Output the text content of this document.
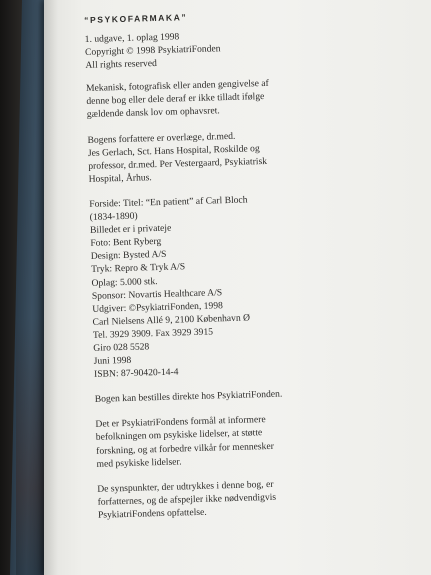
“PSYKOFARMAKA”
1. udgave, 1. oplag 1998
Copyright © 1998 PsykiatriFonden
All rights reserved
Mekanisk, fotografisk eller anden gengivelse af
denne bog eller dele deraf er ikke tilladt ifølge
gældende dansk lov om ophavsret.
Bogens forfattere er overlæge, dr.med.
Jes Gerlach, Sct. Hans Hospital, Roskilde og
professor, dr.med. Per Vestergaard, Psykiatrisk
Hospital, Århus.
Forside: Titel: “En patient” af Carl Bloch
(1834-1890)
Billedet er i privateje
Foto: Bent Ryberg
Design: Bysted A/S
Tryk: Repro & Tryk A/S
Oplag: 5.000 stk.
Sponsor: Novartis Healthcare A/S
Udgiver: ©PsykiatriFonden, 1998
Carl Nielsens Allé 9, 2100 København Ø
Tel. 3929 3909. Fax 3929 3915
Giro 028 5528
Juni 1998
ISBN: 87-90420-14-4
Bogen kan bestilles direkte hos PsykiatriFonden.
Det er PsykiatriFondens formål at informere
befolkningen om psykiske lidelser, at støtte
forskning, og at forbedre vilkår for mennesker
med psykiske lidelser.
De synspunkter, der udtrykkes i denne bog, er
forfatternes, og de afspejler ikke nødvendigvis
PsykiatriFondens opfattelse.
